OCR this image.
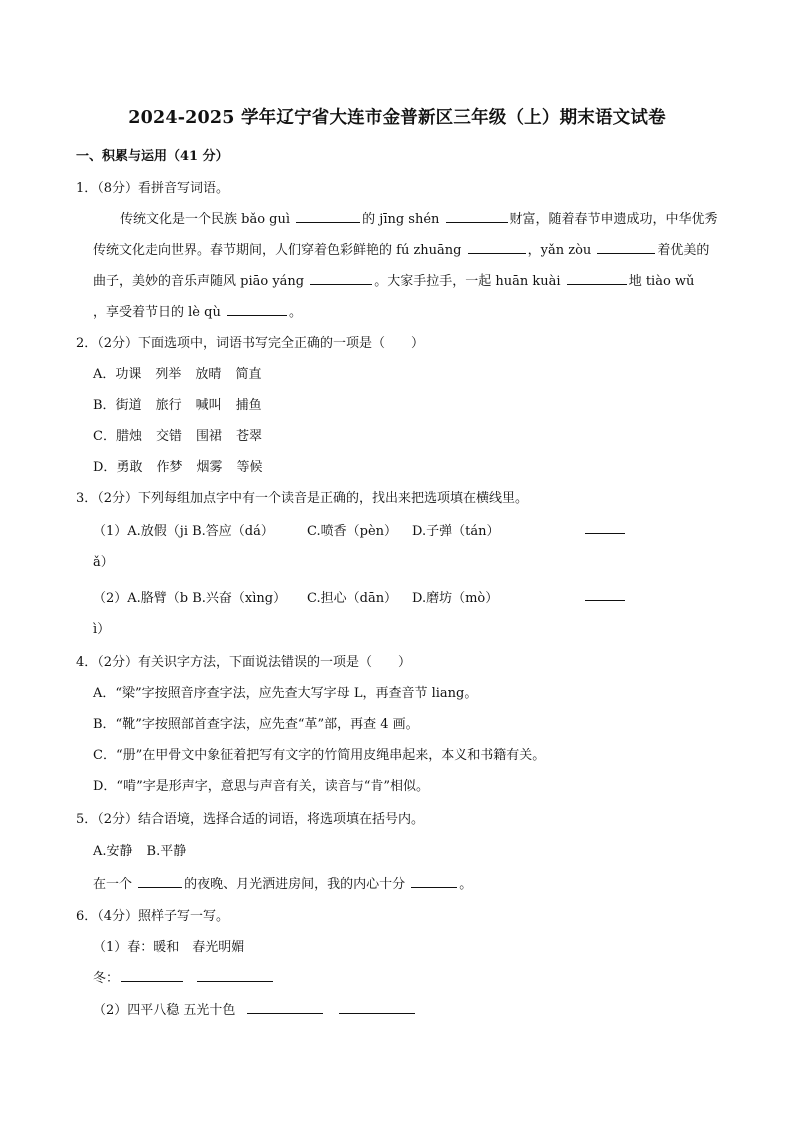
2024-2025 学年辽宁省大连市金普新区三年级（上）期末语文试卷
一、积累与运用（41 分）
1．（8分）看拼音写词语。
传统文化是一个民族 bǎo guì	的 jīng shén	财富，随着春节申遗成功，中华优秀
传统文化走向世界。春节期间，人们穿着色彩鲜艳的 fú zhuāng	，yǎn zòu	着优美的
曲子，美妙的音乐声随风 piāo yáng	。大家手拉手，一起 huān kuài	地 tiào wǔ
，享受着节日的 lè qù	。
2．（2分）下面选项中，词语书写完全正确的一项是（　　）
A．功课 列举 放晴 简直
B．街道 旅行 喊叫 捕鱼
C．腊烛 交错 围裙 苍翠
D．勇敢 作梦 烟雾 等候
3．（2分）下列每组加点字中有一个读音是正确的，找出来把选项填在横线里。
（1）A.放假（ji B.答应（dá）	C.喷香（pèn） D.子弹（tán）
ǎ）
（2）A.胳臂（b B.兴奋（xìng） C.担心（dān） D.磨坊（mò）
ì）
4．（2分）有关识字方法，下面说法错误的一项是（　　）
A．“梁”字按照音序查字法，应先查大写字母 L，再查音节 liang。
B．“靴”字按照部首查字法，应先查“革”部，再查 4 画。
C．“册”在甲骨文中象征着把写有文字的竹简用皮绳串起来，本义和书籍有关。
D．“啃”字是形声字，意思与声音有关，读音与“肯”相似。
5．（2分）结合语境，选择合适的词语，将选项填在括号内。
A.安静 B.平静
在一个	的夜晚、月光洒进房间，我的内心十分	。
6．（4分）照样子写一写。
（1）春：暖和　春光明媚
冬：
（2）四平八稳 五光十色
